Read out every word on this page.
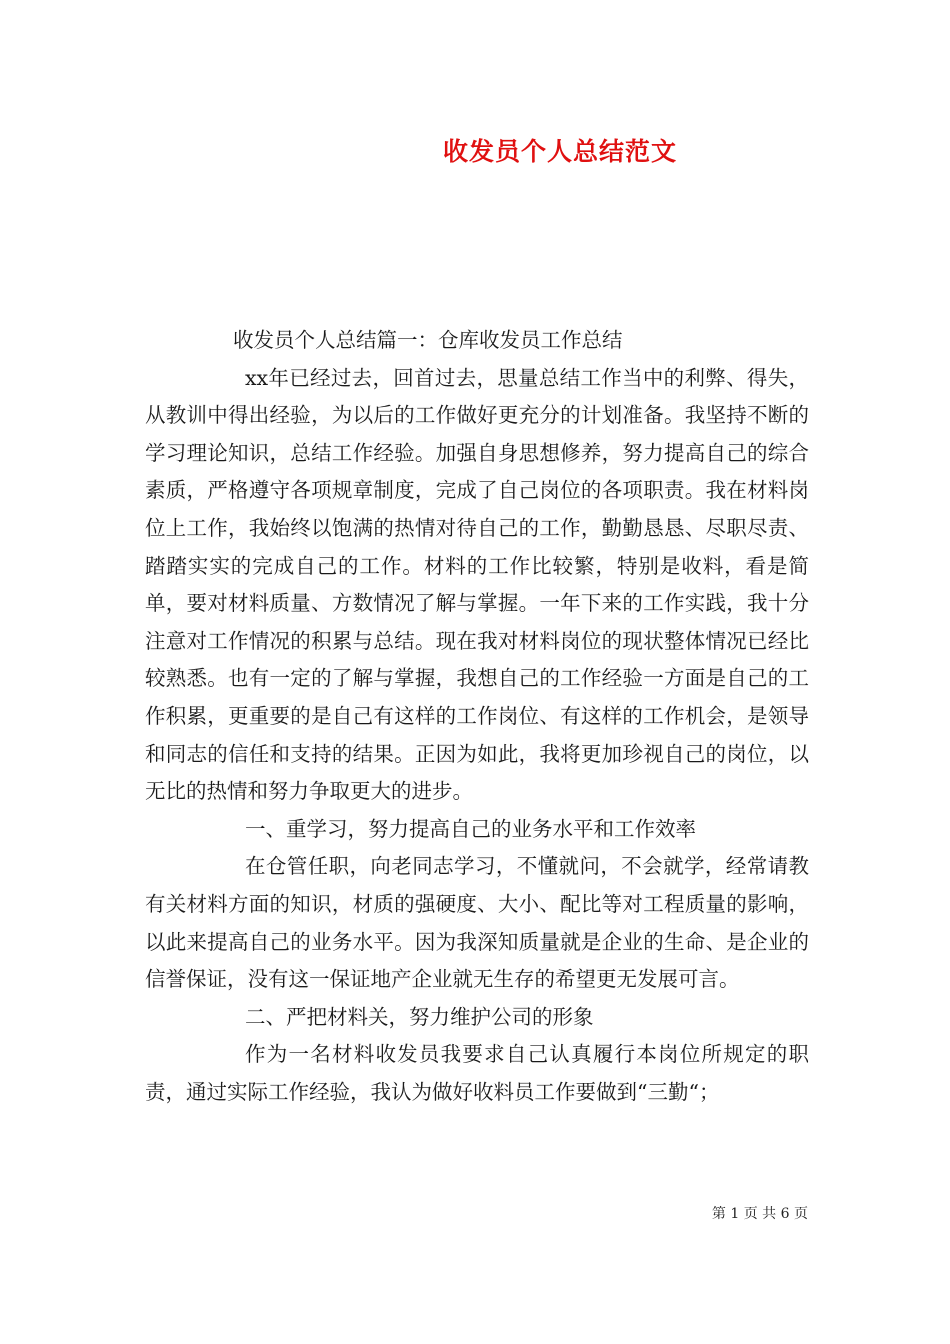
收发员个人总结范文

收发员个人总结篇一：仓库收发员工作总结

xx年已经过去，回首过去，思量总结工作当中的利弊、得失，从教训中得出经验，为以后的工作做好更充分的计划准备。我坚持不断的学习理论知识，总结工作经验。加强自身思想修养，努力提高自己的综合素质，严格遵守各项规章制度，完成了自己岗位的各项职责。我在材料岗位上工作，我始终以饱满的热情对待自己的工作，勤勤恳恳、尽职尽责、踏踏实实的完成自己的工作。材料的工作比较繁，特别是收料，看是简单，要对材料质量、方数情况了解与掌握。一年下来的工作实践，我十分注意对工作情况的积累与总结。现在我对材料岗位的现状整体情况已经比较熟悉。也有一定的了解与掌握，我想自己的工作经验一方面是自己的工作积累，更重要的是自己有这样的工作岗位、有这样的工作机会，是领导和同志的信任和支持的结果。正因为如此，我将更加珍视自己的岗位，以无比的热情和努力争取更大的进步。

一、重学习，努力提高自己的业务水平和工作效率

在仓管任职，向老同志学习，不懂就问，不会就学，经常请教有关材料方面的知识，材质的强硬度、大小、配比等对工程质量的影响，以此来提高自己的业务水平。因为我深知质量就是企业的生命、是企业的信誉保证，没有这一保证地产企业就无生存的希望更无发展可言。

二、严把材料关，努力维护公司的形象

作为一名材料收发员我要求自己认真履行本岗位所规定的职责，通过实际工作经验，我认为做好收料员工作要做到“三勤“；

第 1 页 共 6 页
